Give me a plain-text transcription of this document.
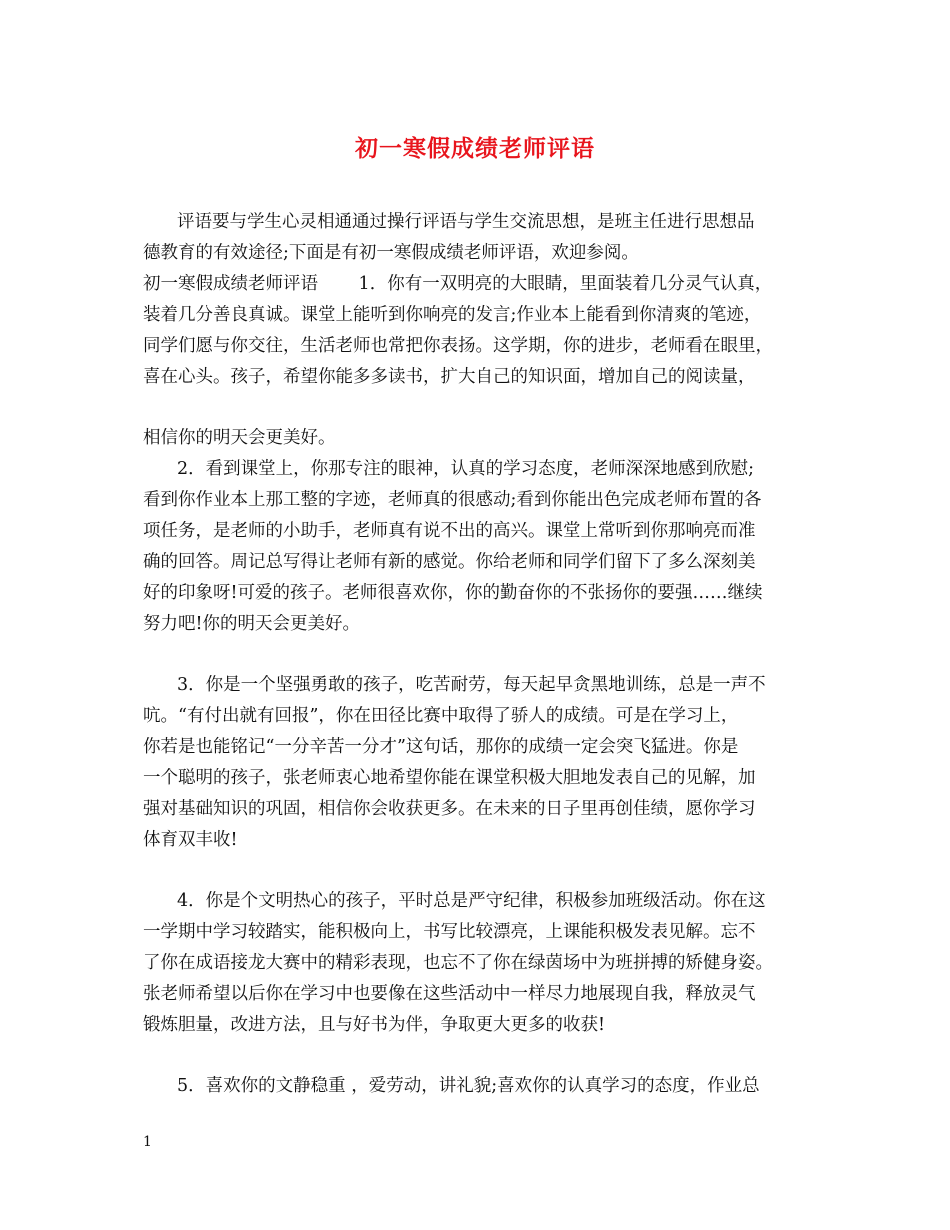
初一寒假成绩老师评语
评语要与学生心灵相通通过操行评语与学生交流思想，是班主任进行思想品
德教育的有效途径;下面是有初一寒假成绩老师评语，欢迎参阅。
初一寒假成绩老师评语　　 1．你有一双明亮的大眼睛，里面装着几分灵气认真，
装着几分善良真诚。课堂上能听到你响亮的发言;作业本上能看到你清爽的笔迹，
同学们愿与你交往，生活老师也常把你表扬。这学期，你的进步，老师看在眼里，
喜在心头。孩子，希望你能多多读书，扩大自己的知识面，增加自己的阅读量，
相信你的明天会更美好。
2．看到课堂上，你那专注的眼神，认真的学习态度，老师深深地感到欣慰;
看到你作业本上那工整的字迹，老师真的很感动;看到你能出色完成老师布置的各
项任务，是老师的小助手，老师真有说不出的高兴。课堂上常听到你那响亮而准
确的回答。周记总写得让老师有新的感觉。你给老师和同学们留下了多么深刻美
好的印象呀!可爱的孩子。老师很喜欢你，你的勤奋你的不张扬你的要强……继续
努力吧!你的明天会更美好。
3．你是一个坚强勇敢的孩子，吃苦耐劳，每天起早贪黑地训练，总是一声不
吭。“有付出就有回报”，你在田径比赛中取得了骄人的成绩。可是在学习上，
你若是也能铭记“一分辛苦一分才”这句话，那你的成绩一定会突飞猛进。你是
一个聪明的孩子，张老师衷心地希望你能在课堂积极大胆地发表自己的见解，加
强对基础知识的巩固，相信你会收获更多。在未来的日子里再创佳绩，愿你学习
体育双丰收!
4．你是个文明热心的孩子，平时总是严守纪律，积极参加班级活动。你在这
一学期中学习较踏实，能积极向上，书写比较漂亮，上课能积极发表见解。忘不
了你在成语接龙大赛中的精彩表现，也忘不了你在绿茵场中为班拼搏的矫健身姿。
张老师希望以后你在学习中也要像在这些活动中一样尽力地展现自我，释放灵气
锻炼胆量，改进方法，且与好书为伴，争取更大更多的收获!
5．喜欢你的文静稳重 ，爱劳动，讲礼貌;喜欢你的认真学习的态度，作业总
1
